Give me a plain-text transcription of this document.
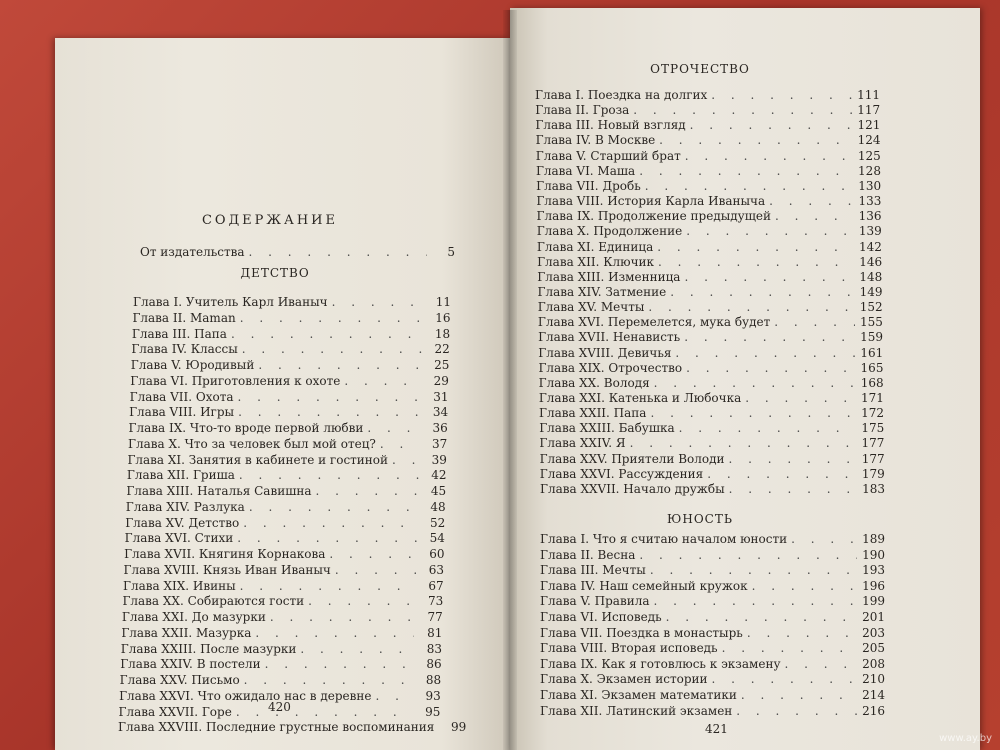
СОДЕРЖАНИЕ
От издательства . . .	5
ДЕТСТВО
420
ОТРОЧЕСТВО
ЮНОСТЬ
421
www.ay.by
Глава I. Учитель Карл Иваныч . . .	11
Глава II. Maman . . .	16
Глава III. Папа . . .	18
Глава IV. Классы . . .	22
Глава V. Юродивый . . .	25
Глава VI. Приготовления к охоте . . .	29
Глава VII. Охота . . .	31
Глава VIII. Игры . . .	34
Глава IX. Что-то вроде первой любви . . .	36
Глава X. Что за человек был мой отец? . . .	37
Глава XI. Занятия в кабинете и гостиной . . .	39
Глава XII. Гриша . . .	42
Глава XIII. Наталья Савишна . . .	45
Глава XIV. Разлука . . .	48
Глава XV. Детство . . .	52
Глава XVI. Стихи . . .	54
Глава XVII. Княгиня Корнакова . . .	60
Глава XVIII. Князь Иван Иваныч . . .	63
Глава XIX. Ивины . . .	67
Глава XX. Собираются гости . . .	73
Глава XXI. До мазурки . . .	77
Глава XXII. Мазурка . . .	81
Глава XXIII. После мазурки . . .	83
Глава XXIV. В постели . . .	86
Глава XXV. Письмо . . .	88
Глава XXVI. Что ожидало нас в деревне . . .	93
Глава XXVII. Горе . . .	95
Глава XXVIII. Последние грустные воспоминания	99
Глава I. Поездка на долгих . . .	111
Глава II. Гроза . . .	117
Глава III. Новый взгляд . . .	121
Глава IV. В Москве . . .	124
Глава V. Старший брат . . .	125
Глава VI. Маша . . .	128
Глава VII. Дробь . . .	130
Глава VIII. История Карла Иваныча . . .	133
Глава IX. Продолжение предыдущей . . .	136
Глава X. Продолжение . . .	139
Глава XI. Единица . . .	142
Глава XII. Ключик . . .	146
Глава XIII. Изменница . . .	148
Глава XIV. Затмение . . .	149
Глава XV. Мечты . . .	152
Глава XVI. Перемелется, мука будет . . .	155
Глава XVII. Ненависть . . .	159
Глава XVIII. Девичья . . .	161
Глава XIX. Отрочество . . .	165
Глава XX. Володя . . .	168
Глава XXI. Катенька и Любочка . . .	171
Глава XXII. Папа . . .	172
Глава XXIII. Бабушка . . .	175
Глава XXIV. Я . . .	177
Глава XXV. Приятели Володи . . .	177
Глава XXVI. Рассуждения . . .	179
Глава XXVII. Начало дружбы . . .	183
Глава I. Что я считаю началом юности . . .	189
Глава II. Весна . . .	190
Глава III. Мечты . . .	193
Глава IV. Наш семейный кружок . . .	196
Глава V. Правила . . .	199
Глава VI. Исповедь . . .	201
Глава VII. Поездка в монастырь . . .	203
Глава VIII. Вторая исповедь . . .	205
Глава IX. Как я готовлюсь к экзамену . . .	208
Глава X. Экзамен истории . . .	210
Глава XI. Экзамен математики . . .	214
Глава XII. Латинский экзамен . . .	216
